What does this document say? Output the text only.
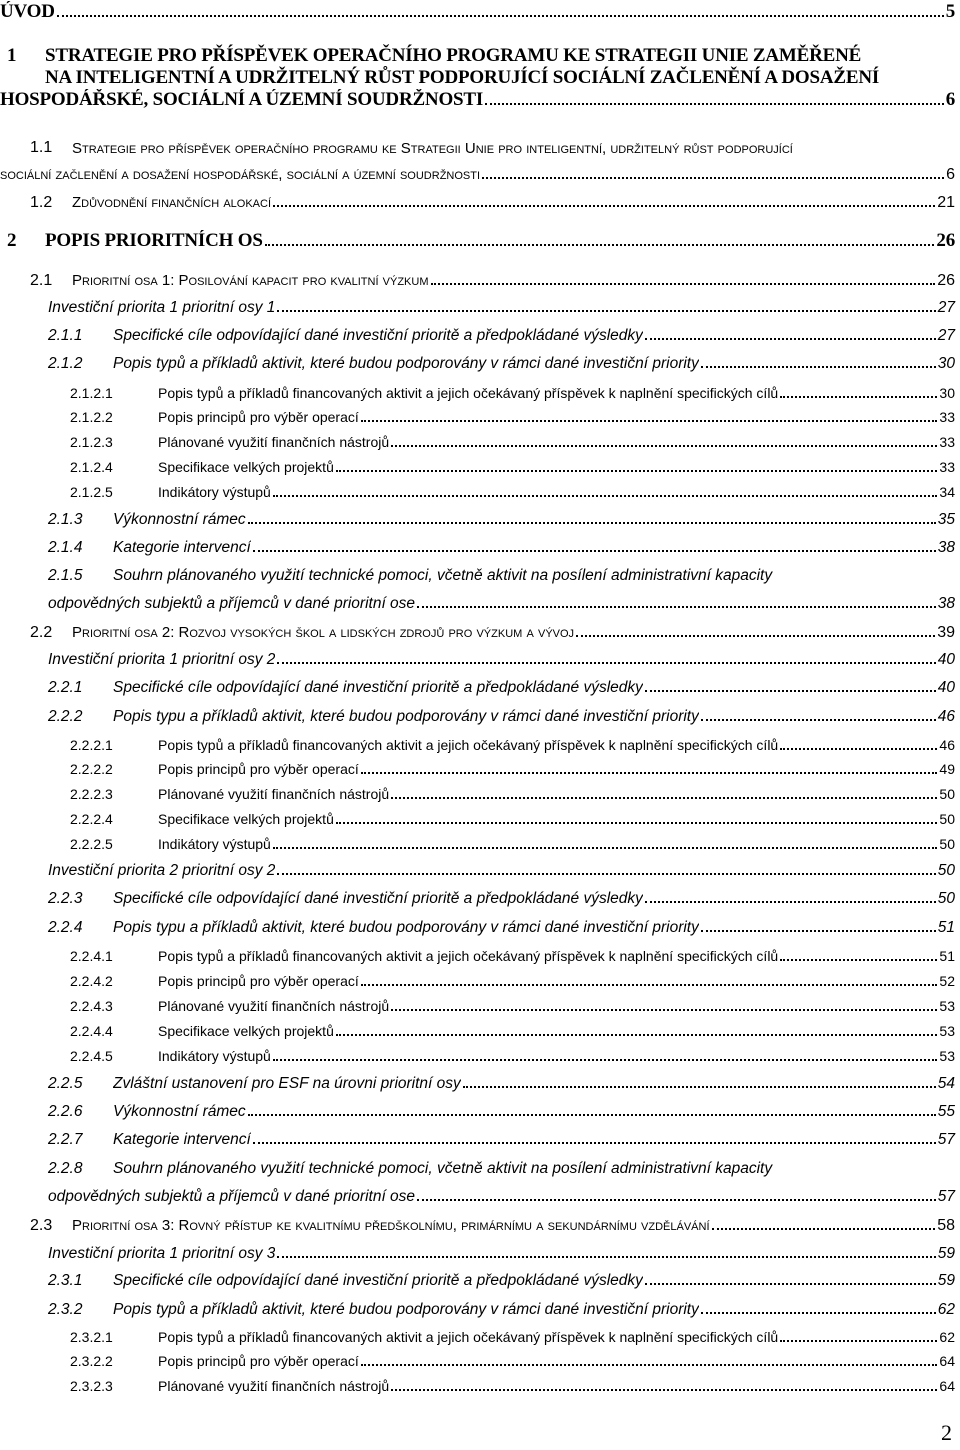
ÚVOD	5
1 STRATEGIE PRO PŘÍSPĚVEK OPERAČNÍHO PROGRAMU KE STRATEGII UNIE ZAMĚŘENÉ
NA INTELIGENTNÍ A UDRŽITELNÝ RŮST PODPORUJÍCÍ SOCIÁLNÍ ZAČLENĚNÍ A DOSAŽENÍ
HOSPODÁŘSKÉ, SOCIÁLNÍ A ÚZEMNÍ SOUDRŽNOSTI	6
1.1 Strategie pro příspěvek operačního programu ke Strategii Unie pro inteligentní, udržitelný růst podporující
sociální začlenění a dosažení hospodářské, sociální a územní soudržnosti	6
1.2 Zdůvodnění finančních alokací	21
2 POPIS PRIORITNÍCH OS	26
2.1 Prioritní osa 1: Posilování kapacit pro kvalitní výzkum	26
Investiční priorita 1 prioritní osy 1	27
2.1.1 Specifické cíle odpovídající dané investiční prioritě a předpokládané výsledky	27
2.1.2 Popis typů a příkladů aktivit, které budou podporovány v rámci dané investiční priority	30
2.1.2.1	Popis typů a příkladů financovaných aktivit a jejich očekávaný příspěvek k naplnění specifických cílů	30
2.1.2.2	Popis principů pro výběr operací	33
2.1.2.3	Plánované využití finančních nástrojů	33
2.1.2.4	Specifikace velkých projektů	33
2.1.2.5	Indikátory výstupů	34
2.1.3 Výkonnostní rámec	35
2.1.4 Kategorie intervencí	38
2.1.5 Souhrn plánovaného využití technické pomoci, včetně aktivit na posílení administrativní kapacity
odpovědných subjektů a příjemců v dané prioritní ose	38
2.2 Prioritní osa 2: Rozvoj vysokých škol a lidských zdrojů pro výzkum a vývoj	39
Investiční priorita 1 prioritní osy 2	40
2.2.1 Specifické cíle odpovídající dané investiční prioritě a předpokládané výsledky	40
2.2.2 Popis typu a příkladů aktivit, které budou podporovány v rámci dané investiční priority	46
2.2.2.1	Popis typů a příkladů financovaných aktivit a jejich očekávaný příspěvek k naplnění specifických cílů	46
2.2.2.2	Popis principů pro výběr operací	49
2.2.2.3	Plánované využití finančních nástrojů	50
2.2.2.4	Specifikace velkých projektů	50
2.2.2.5	Indikátory výstupů	50
Investiční priorita 2 prioritní osy 2	50
2.2.3 Specifické cíle odpovídající dané investiční prioritě a předpokládané výsledky	50
2.2.4 Popis typu a příkladů aktivit, které budou podporovány v rámci dané investiční priority	51
2.2.4.1	Popis typů a příkladů financovaných aktivit a jejich očekávaný příspěvek k naplnění specifických cílů	51
2.2.4.2	Popis principů pro výběr operací	52
2.2.4.3	Plánované využití finančních nástrojů	53
2.2.4.4	Specifikace velkých projektů	53
2.2.4.5	Indikátory výstupů	53
2.2.5 Zvláštní ustanovení pro ESF na úrovni prioritní osy	54
2.2.6 Výkonnostní rámec	55
2.2.7 Kategorie intervencí	57
2.2.8 Souhrn plánovaného využití technické pomoci, včetně aktivit na posílení administrativní kapacity
odpovědných subjektů a příjemců v dané prioritní ose	57
2.3 Prioritní osa 3: Rovný přístup ke kvalitnímu předškolnímu, primárnímu a sekundárnímu vzdělávání	58
Investiční priorita 1 prioritní osy 3	59
2.3.1 Specifické cíle odpovídající dané investiční prioritě a předpokládané výsledky	59
2.3.2 Popis typů a příkladů aktivit, které budou podporovány v rámci dané investiční priority	62
2.3.2.1	Popis typů a příkladů financovaných aktivit a jejich očekávaný příspěvek k naplnění specifických cílů	62
2.3.2.2	Popis principů pro výběr operací	64
2.3.2.3	Plánované využití finančních nástrojů	64
2
